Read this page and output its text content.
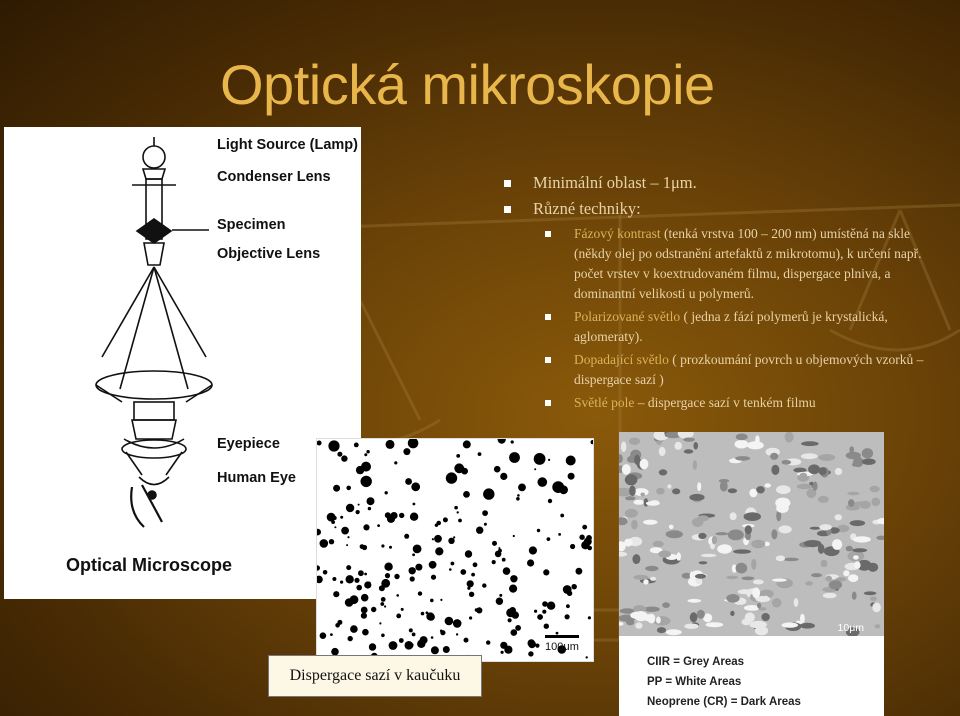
Optická mikroskopie
Light Source (Lamp)
Condenser Lens
Specimen
Objective Lens
Eyepiece
Human Eye
Optical Microscope
Minimální oblast – 1μm.
Různé techniky:
Fázový kontrast (tenká vrstva 100 – 200 nm) umístěná na skle (někdy olej po odstranění artefaktů z mikrotomu), k určení např. počet vrstev v koextrudovaném filmu, dispergace plniva, a dominantní velikosti u polymerů.
Polarizované světlo ( jedna z fází polymerů je krystalická, aglomeraty).
Dopadající světlo ( prozkoumání povrch u objemových vzorků – dispergace sazí )
Světlé pole – dispergace sazí v tenkém filmu
100μm
10μm
CIIR = Grey Areas
PP = White Areas
Neoprene (CR) = Dark Areas
Dispergace sazí v kaučuku
